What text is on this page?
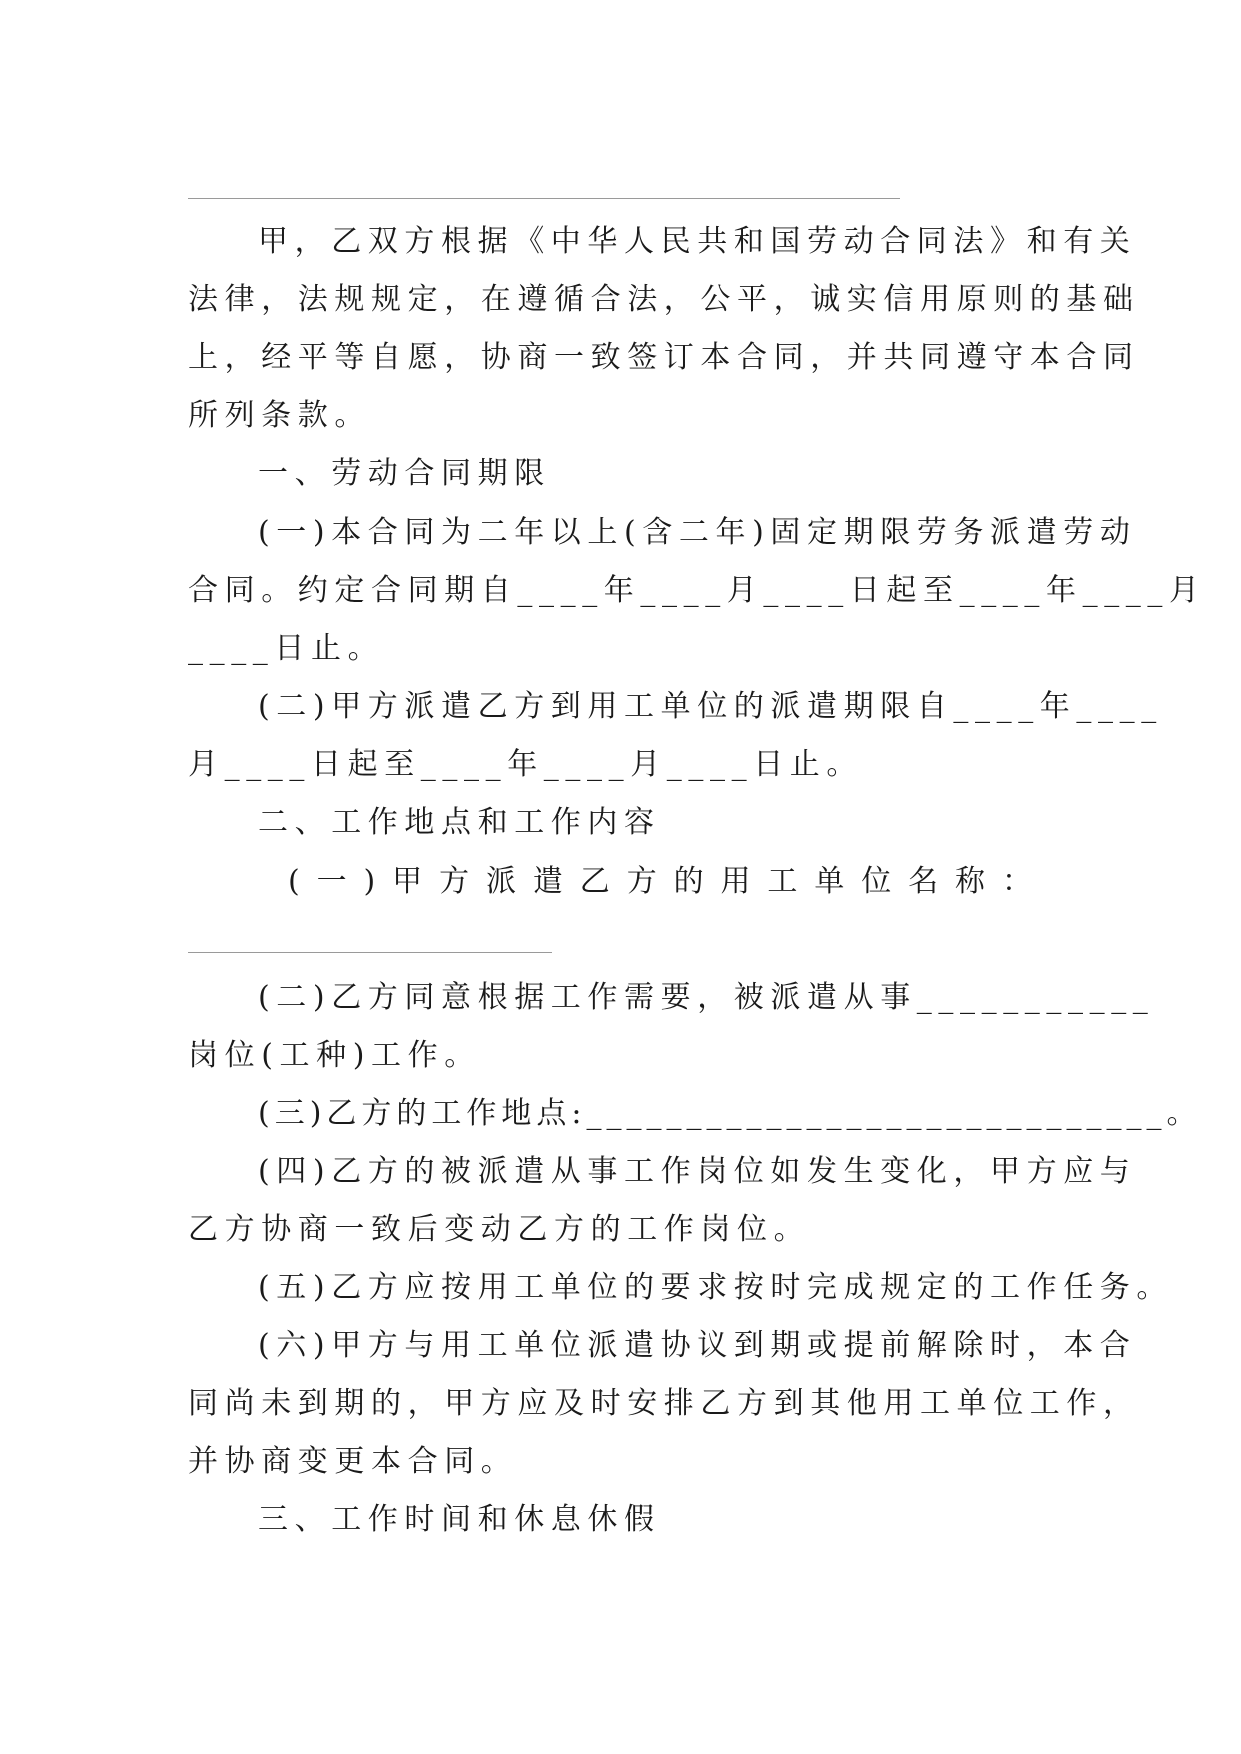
甲，乙双方根据《中华人民共和国劳动合同法》和有关
法律，法规规定，在遵循合法，公平，诚实信用原则的基础
上，经平等自愿，协商一致签订本合同，并共同遵守本合同
所列条款。
一、劳动合同期限
(一)本合同为二年以上(含二年)固定期限劳务派遣劳动
合同。约定合同期自____年____月____日起至____年____月
____日止。
(二)甲方派遣乙方到用工单位的派遣期限自____年____
月____日起至____年____月____日止。
二、工作地点和工作内容
( 一 ) 甲 方 派 遣 乙 方 的 用 工 单 位 名 称 ：
(二)乙方同意根据工作需要，被派遣从事___________
岗位(工种)工作。
(三)乙方的工作地点:_____________________________。
(四)乙方的被派遣从事工作岗位如发生变化，甲方应与
乙方协商一致后变动乙方的工作岗位。
(五)乙方应按用工单位的要求按时完成规定的工作任务。
(六)甲方与用工单位派遣协议到期或提前解除时，本合
同尚未到期的，甲方应及时安排乙方到其他用工单位工作，
并协商变更本合同。
三、工作时间和休息休假
